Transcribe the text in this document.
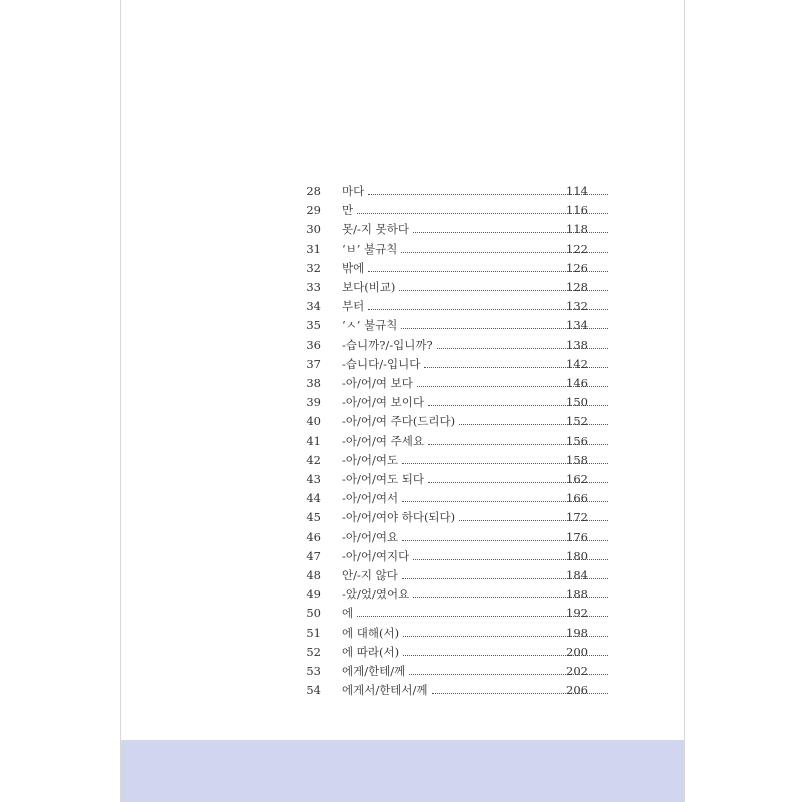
28 마다	114
29 만	116
30 못/-지 못하다	118
31 ‘ㅂ’ 불규칙	122
32 밖에	126
33 보다(비교)	128
34 부터	132
35 ‘ㅅ’ 불규칙	134
36 -습니까?/-입니까?	138
37 -습니다/-입니다	142
38 -아/어/여 보다	146
39 -아/어/여 보이다	150
40 -아/어/여 주다(드리다)	152
41 -아/어/여 주세요	156
42 -아/어/여도	158
43 -아/어/여도 되다	162
44 -아/어/여서	166
45 -아/어/여야 하다(되다)	172
46 -아/어/여요	176
47 -아/어/여지다	180
48 안/-지 않다	184
49 -았/었/였어요	188
50 에	192
51 에 대해(서)	198
52 에 따라(서)	200
53 에게/한테/께	202
54 에게서/한테서/께	206
